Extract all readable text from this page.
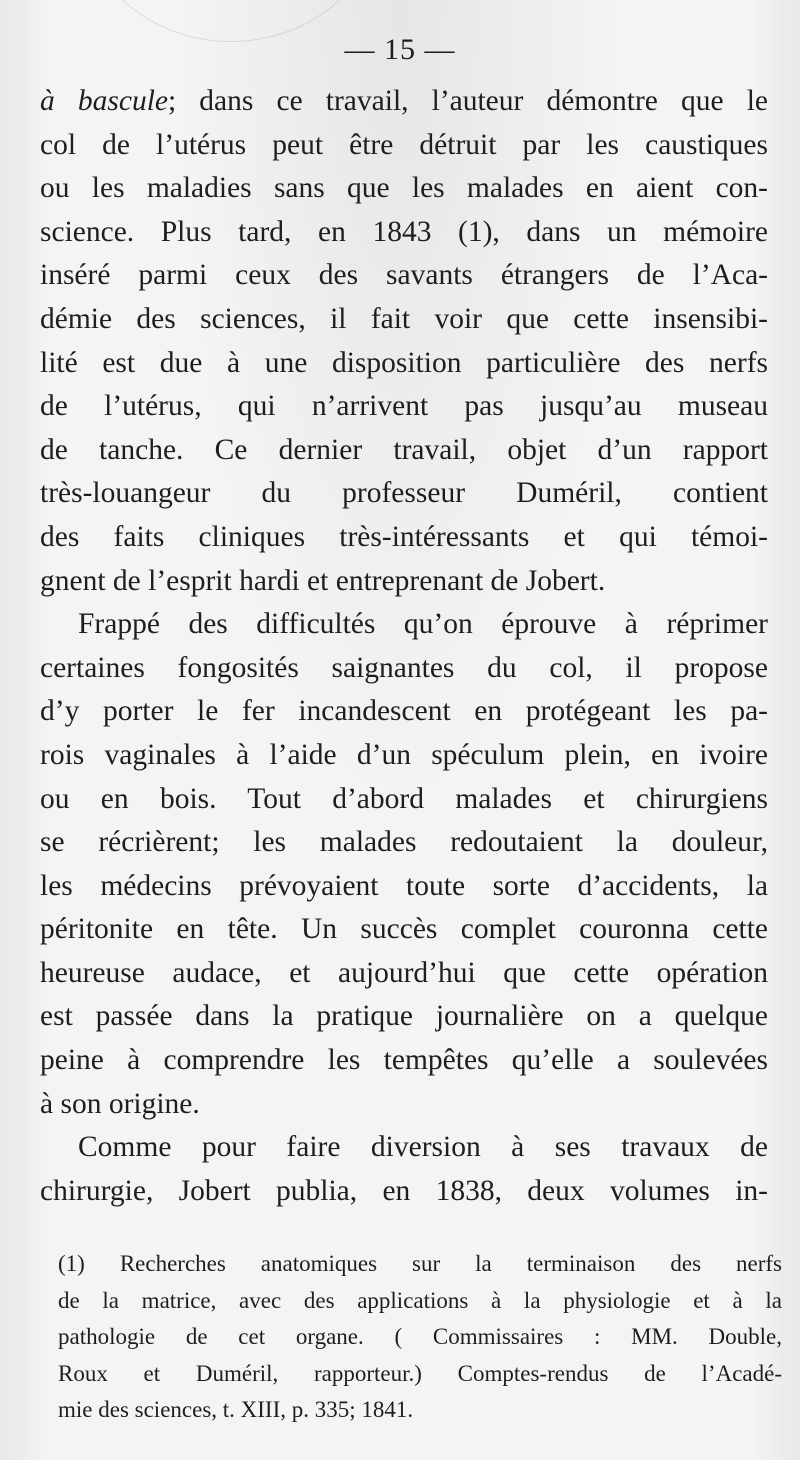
— 15 —
à bascule; dans ce travail, l’auteur démontre que le
col de l’utérus peut être détruit par les caustiques
ou les maladies sans que les malades en aient con-
science. Plus tard, en 1843 (1), dans un mémoire
inséré parmi ceux des savants étrangers de l’Aca-
démie des sciences, il fait voir que cette insensibi-
lité est due à une disposition particulière des nerfs
de l’utérus, qui n’arrivent pas jusqu’au museau
de tanche. Ce dernier travail, objet d’un rapport
très-louangeur du professeur Duméril, contient
des faits cliniques très-intéressants et qui témoi-
gnent de l’esprit hardi et entreprenant de Jobert.
Frappé des difficultés qu’on éprouve à réprimer
certaines fongosités saignantes du col, il propose
d’y porter le fer incandescent en protégeant les pa-
rois vaginales à l’aide d’un spéculum plein, en ivoire
ou en bois. Tout d’abord malades et chirurgiens
se récrièrent; les malades redoutaient la douleur,
les médecins prévoyaient toute sorte d’accidents, la
péritonite en tête. Un succès complet couronna cette
heureuse audace, et aujourd’hui que cette opération
est passée dans la pratique journalière on a quelque
peine à comprendre les tempêtes qu’elle a soulevées
à son origine.
Comme pour faire diversion à ses travaux de
chirurgie, Jobert publia, en 1838, deux volumes in-
(1) Recherches anatomiques sur la terminaison des nerfs
de la matrice, avec des applications à la physiologie et à la
pathologie de cet organe. ( Commissaires : MM. Double,
Roux et Duméril, rapporteur.) Comptes-rendus de l’Acadé-
mie des sciences, t. XIII, p. 335; 1841.
